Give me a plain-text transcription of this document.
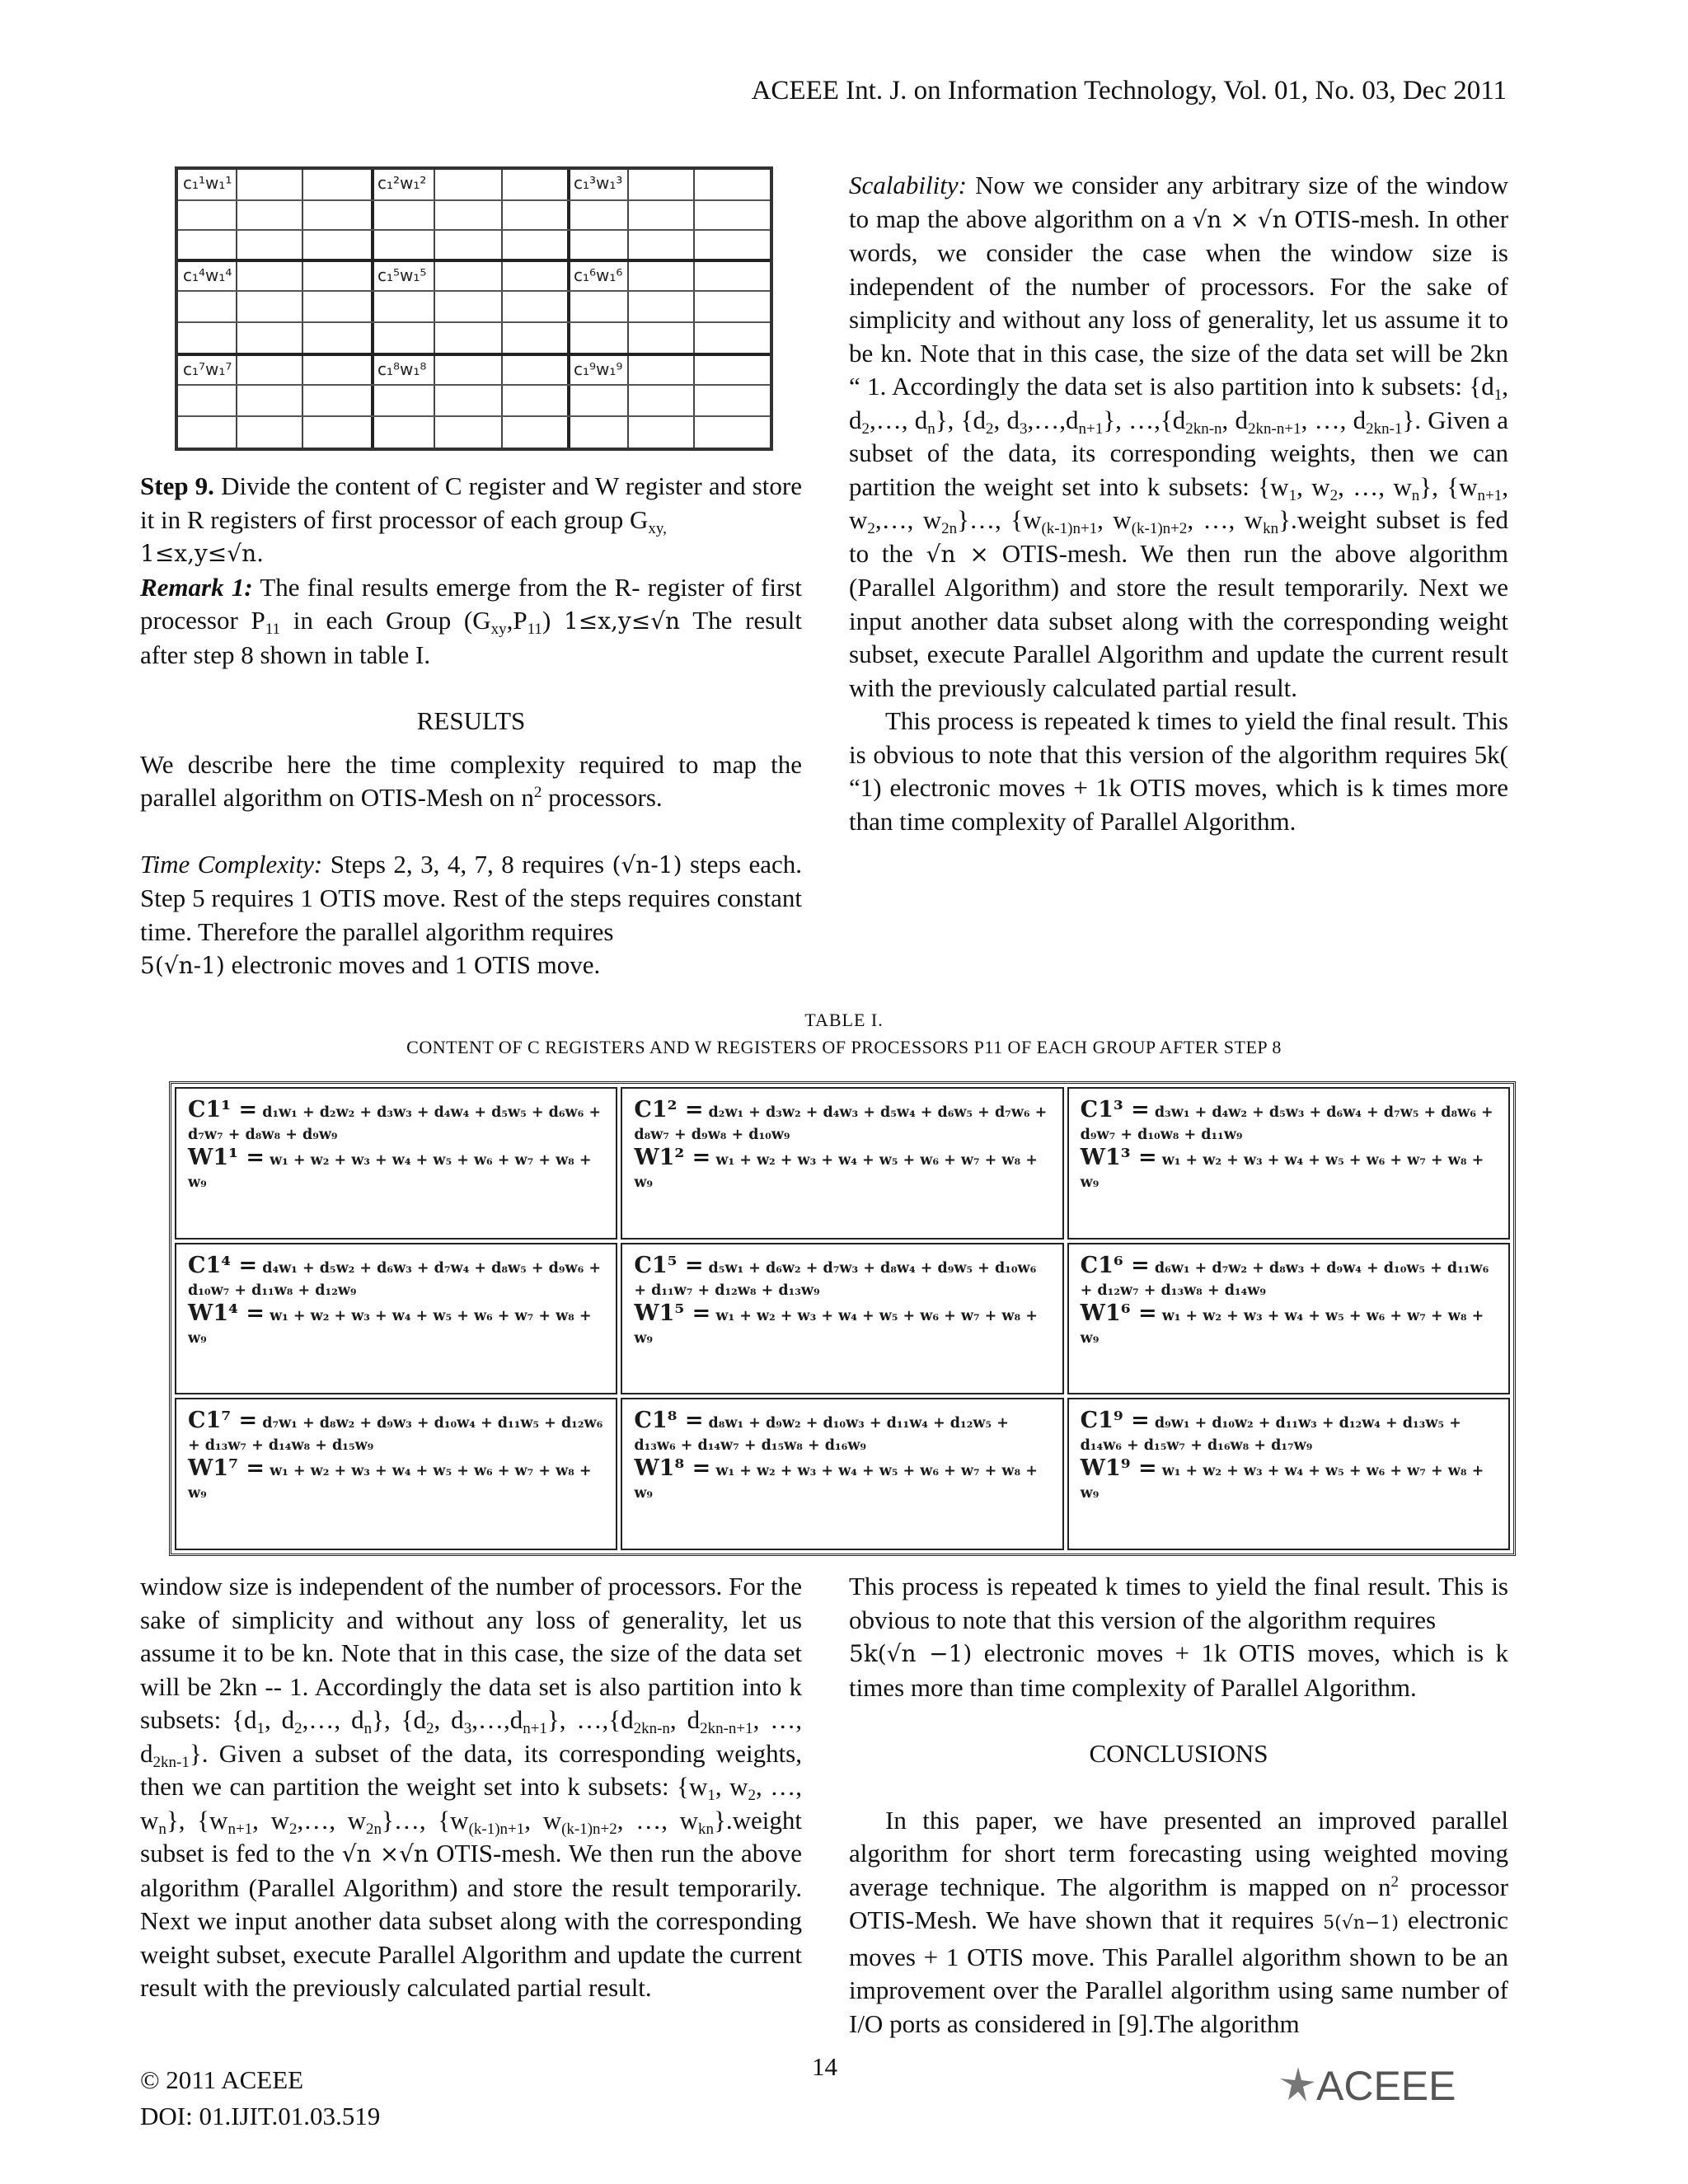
ACEEE Int. J. on Information Technology, Vol. 01, No. 03, Dec 2011
c₁¹w₁¹	c₁²w₁²	c₁³w₁³
c₁⁴w₁⁴	c₁⁵w₁⁵	c₁⁶w₁⁶
c₁⁷w₁⁷	c₁⁸w₁⁸	c₁⁹w₁⁹

Step 9. Divide the content of C register and W register and store it in R registers of first processor of each group $G_{xy,}$
1≤x,y≤√n.

Remark 1: The final results emerge from the R- register of first processor $P_{11}$ in each Group $(G_{xy},P_{11})$ 1≤x,y≤√n The result after step 8 shown in table I.

RESULTS

We describe here the time complexity required to map the parallel algorithm on OTIS-Mesh on $n^2$ processors.

Time Complexity: Steps 2, 3, 4, 7, 8 requires (√n-1) steps each. Step 5 requires 1 OTIS move. Rest of the steps requires constant time. Therefore the parallel algorithm requires
5(√n-1) electronic moves and 1 OTIS move.

Scalability: Now we consider any arbitrary size of the window to map the above algorithm on a √n × √n OTIS-mesh. In other words, we consider the case when the window size is independent of the number of processors. For the sake of simplicity and without any loss of generality, let us assume it to be kn. Note that in this case, the size of the data set will be 2kn “ 1. Accordingly the data set is also partition into k subsets: {$d_1$, $d_2,\dots$, $d_n$}, {$d_2$, $d_3,\dots,d_{n+1}$}, $\dots,\{d_{2kn-n}$, $d_{2kn-n+1}$, …, $d_{2kn-1}$}. Given a subset of the data, its corresponding weights, then we can partition the weight set into k subsets: {$w_1$, $w_2$, …, $w_n$}, {$w_{n+1}$, $w_2,\dots$, $w_{2n}\}\dots$, {$w_{(k-1)n+1}$, $w_{(k-1)n+2}$, …, $w_{kn}\}.weight$ subset is fed to the √n × OTIS-mesh. We then run the above algorithm (Parallel Algorithm) and store the result temporarily. Next we input another data subset along with the corresponding weight subset, execute Parallel Algorithm and update the current result with the previously calculated partial result.

This process is repeated k times to yield the final result. This is obvious to note that this version of the algorithm requires 5k( “1) electronic moves + 1k OTIS moves, which is k times more than time complexity of Parallel Algorithm.

TABLE I.
CONTENT OF C REGISTERS AND W REGISTERS OF PROCESSORS P11 OF EACH GROUP AFTER STEP 8
C1¹ = d₁w₁ + d₂w₂ + d₃w₃ + d₄w₄ + d₅w₅ + d₆w₆ + d₇w₇ + d₈w₈ + d₉w₉
W1¹ = w₁ + w₂ + w₃ + w₄ + w₅ + w₆ + w₇ + w₈ + w₉
C1² = d₂w₁ + d₃w₂ + d₄w₃ + d₅w₄ + d₆w₅ + d₇w₆ + d₈w₇ + d₉w₈ + d₁₀w₉
W1² = w₁ + w₂ + w₃ + w₄ + w₅ + w₆ + w₇ + w₈ + w₉
C1³ = d₃w₁ + d₄w₂ + d₅w₃ + d₆w₄ + d₇w₅ + d₈w₆ + d₉w₇ + d₁₀w₈ + d₁₁w₉
W1³ = w₁ + w₂ + w₃ + w₄ + w₅ + w₆ + w₇ + w₈ + w₉
C1⁴ = d₄w₁ + d₅w₂ + d₆w₃ + d₇w₄ + d₈w₅ + d₉w₆ + d₁₀w₇ + d₁₁w₈ + d₁₂w₉
W1⁴ = w₁ + w₂ + w₃ + w₄ + w₅ + w₆ + w₇ + w₈ + w₉
C1⁵ = d₅w₁ + d₆w₂ + d₇w₃ + d₈w₄ + d₉w₅ + d₁₀w₆ + d₁₁w₇ + d₁₂w₈ + d₁₃w₉
W1⁵ = w₁ + w₂ + w₃ + w₄ + w₅ + w₆ + w₇ + w₈ + w₉
C1⁶ = d₆w₁ + d₇w₂ + d₈w₃ + d₉w₄ + d₁₀w₅ + d₁₁w₆ + d₁₂w₇ + d₁₃w₈ + d₁₄w₉
W1⁶ = w₁ + w₂ + w₃ + w₄ + w₅ + w₆ + w₇ + w₈ + w₉
C1⁷ = d₇w₁ + d₈w₂ + d₉w₃ + d₁₀w₄ + d₁₁w₅ + d₁₂w₆ + d₁₃w₇ + d₁₄w₈ + d₁₅w₉
W1⁷ = w₁ + w₂ + w₃ + w₄ + w₅ + w₆ + w₇ + w₈ + w₉
C1⁸ = d₈w₁ + d₉w₂ + d₁₀w₃ + d₁₁w₄ + d₁₂w₅ + d₁₃w₆ + d₁₄w₇ + d₁₅w₈ + d₁₆w₉
W1⁸ = w₁ + w₂ + w₃ + w₄ + w₅ + w₆ + w₇ + w₈ + w₉
C1⁹ = d₉w₁ + d₁₀w₂ + d₁₁w₃ + d₁₂w₄ + d₁₃w₅ + d₁₄w₆ + d₁₅w₇ + d₁₆w₈ + d₁₇w₉
W1⁹ = w₁ + w₂ + w₃ + w₄ + w₅ + w₆ + w₇ + w₈ + w₉

window size is independent of the number of processors. For the sake of simplicity and without any loss of generality, let us assume it to be kn. Note that in this case, the size of the data set will be 2kn -- 1. Accordingly the data set is also partition into k subsets: {$d_1$, $d_2,\dots$, $d_n$}, {$d_2$, $d_3,\dots,d_{n+1}$}, $\dots,\{d_{2kn-n}$, $d_{2kn-n+1}$, …, $d_{2kn-1}$}. Given a subset of the data, its corresponding weights, then we can partition the weight set into k subsets: {$w_1$, $w_2$, …, $w_n$}, {$w_{n+1}$, $w_2,\dots$, $w_{2n}\}\dots$, {$w_{(k-1)n+1}$, $w_{(k-1)n+2}$, …, $w_{kn}\}.weight$ subset is fed to the √n ×√n OTIS-mesh. We then run the above algorithm (Parallel Algorithm) and store the result temporarily. Next we input another data subset along with the corresponding weight subset, execute Parallel Algorithm and update the current result with the previously calculated partial result.

This process is repeated k times to yield the final result. This is obvious to note that this version of the algorithm requires
5k(√n −1) electronic moves + 1k OTIS moves, which is k times more than time complexity of Parallel Algorithm.

CONCLUSIONS

In this paper, we have presented an improved parallel algorithm for short term forecasting using weighted moving average technique. The algorithm is mapped on $n^2$ processor OTIS-Mesh. We have shown that it requires 5(√n−1) electronic moves + 1 OTIS move. This Parallel algorithm shown to be an improvement over the Parallel algorithm using same number of I/O ports as considered in [9].The algorithm

© 2011 ACEEE
DOI: 01.IJIT.01.03.519
14	ACEEE
